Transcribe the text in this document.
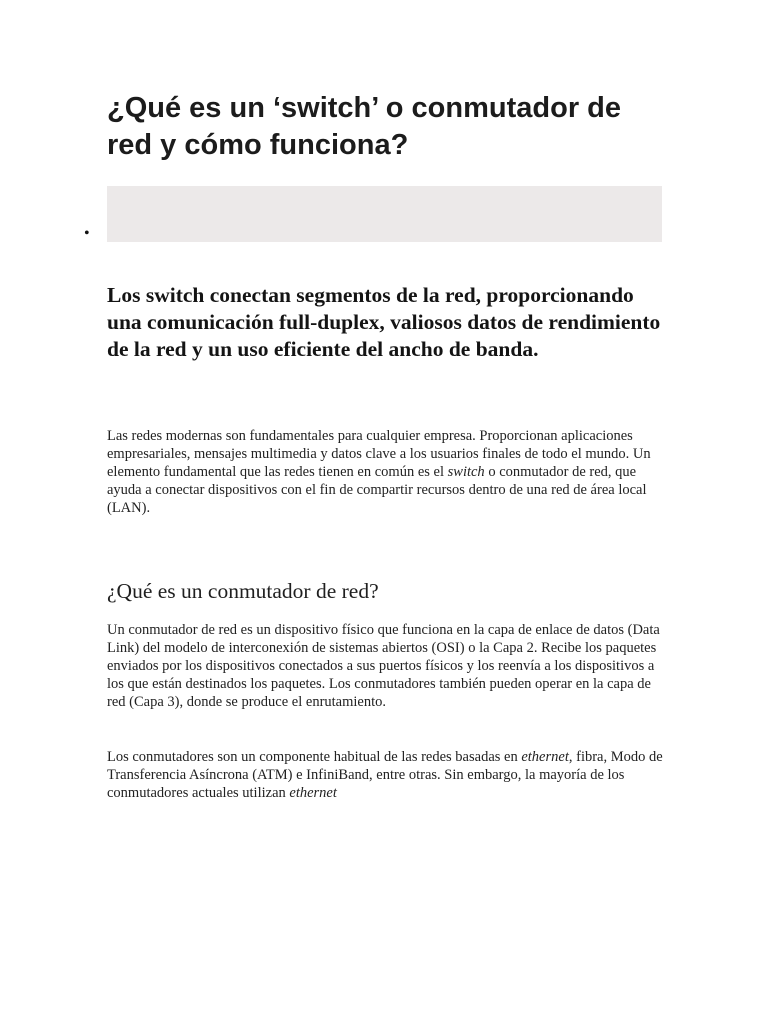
¿Qué es un ‘switch’ o conmutador de red y cómo funciona?
•

Los switch conectan segmentos de la red, proporcionando una comunicación full-duplex, valiosos datos de rendimiento de la red y un uso eficiente del ancho de banda.

Las redes modernas son fundamentales para cualquier empresa. Proporcionan aplicaciones empresariales, mensajes multimedia y datos clave a los usuarios finales de todo el mundo. Un elemento fundamental que las redes tienen en común es el switch o conmutador de red, que ayuda a conectar dispositivos con el fin de compartir recursos dentro de una red de área local (LAN).

¿Qué es un conmutador de red?

Un conmutador de red es un dispositivo físico que funciona en la capa de enlace de datos (Data Link) del modelo de interconexión de sistemas abiertos (OSI) o la Capa 2. Recibe los paquetes enviados por los dispositivos conectados a sus puertos físicos y los reenvía a los dispositivos a los que están destinados los paquetes. Los conmutadores también pueden operar en la capa de red (Capa 3), donde se produce el enrutamiento.

Los conmutadores son un componente habitual de las redes basadas en ethernet, fibra, Modo de Transferencia Asíncrona (ATM) e InfiniBand, entre otras. Sin embargo, la mayoría de los conmutadores actuales utilizan ethernet
